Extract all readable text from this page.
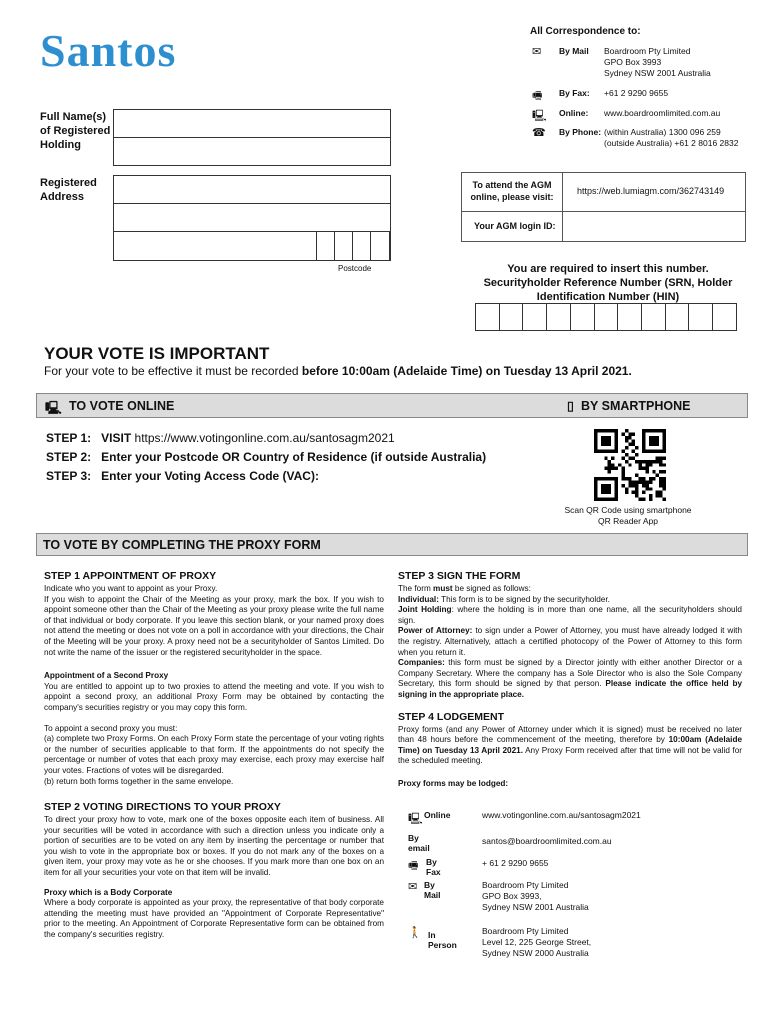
Santos	All Correspondence to:
✉	By Mail Boardroom Pty Limited
GPO Box 3993
Sydney NSW 2001 Australia
🖷	By Fax: +61 2 9290 9655
🖳 Online: www.boardroomlimited.com.au
☎ By Phone: (within Australia) 1300 096 259
(outside Australia) +61 2 8016 2832
Full Name(s)
of Registered
Holding
Registered
Address
Postcode
To attend the AGM online, please visit:
https://web.lumiagm.com/362743149
Your AGM login ID:
You are required to insert this number.
Securityholder Reference Number (SRN, Holder
Identification Number (HIN)
YOUR VOTE IS IMPORTANT
For your vote to be effective it must be recorded before 10:00am (Adelaide Time) on Tuesday 13 April 2021.
🖳 TO VOTE ONLINE	▯ BY SMARTPHONE
STEP 1: VISIT https://www.votingonline.com.au/santosagm2021
STEP 2: Enter your Postcode OR Country of Residence (if outside Australia)
STEP 3: Enter your Voting Access Code (VAC):
Scan QR Code using smartphone
QR Reader App
TO VOTE BY COMPLETING THE PROXY FORM
STEP 1 APPOINTMENT OF PROXY
Indicate who you want to appoint as your Proxy.
If you wish to appoint the Chair of the Meeting as your proxy, mark the box. If you wish to appoint someone other than the Chair of the Meeting as your proxy please write the full name of that individual or body corporate. If you leave this section blank, or your named proxy does not attend the meeting or does not vote on a poll in accordance with your directions, the Chair of the Meeting will be your proxy. A proxy need not be a securityholder of Santos Limited. Do not write the name of the issuer or the registered securityholder in the space.
Appointment of a Second Proxy
You are entitled to appoint up to two proxies to attend the meeting and vote. If you wish to appoint a second proxy, an additional Proxy Form may be obtained by contacting the company's securities registry or you may copy this form.
To appoint a second proxy you must:
(a) complete two Proxy Forms. On each Proxy Form state the percentage of your voting rights or the number of securities applicable to that form. If the appointments do not specify the percentage or number of votes that each proxy may exercise, each proxy may exercise half your votes. Fractions of votes will be disregarded.
(b) return both forms together in the same envelope.
STEP 2 VOTING DIRECTIONS TO YOUR PROXY
To direct your proxy how to vote, mark one of the boxes opposite each item of business. All your securities will be voted in accordance with such a direction unless you indicate only a portion of securities are to be voted on any item by inserting the percentage or number that you wish to vote in the appropriate box or boxes. If you do not mark any of the boxes on a given item, your proxy may vote as he or she chooses. If you mark more than one box on an item for all your securities your vote on that item will be invalid.
Proxy which is a Body Corporate
Where a body corporate is appointed as your proxy, the representative of that body corporate attending the meeting must have provided an "Appointment of Corporate Representative" prior to the meeting. An Appointment of Corporate Representative form can be obtained from the company's securities registry.
STEP 3 SIGN THE FORM
The form must be signed as follows:
Individual: This form is to be signed by the securityholder.
Joint Holding: where the holding is in more than one name, all the securityholders should sign.
Power of Attorney: to sign under a Power of Attorney, you must have already lodged it with the registry. Alternatively, attach a certified photocopy of the Power of Attorney to this form when you return it.
Companies: this form must be signed by a Director jointly with either another Director or a Company Secretary. Where the company has a Sole Director who is also the Sole Company Secretary, this form should be signed by that person. Please indicate the office held by signing in the appropriate place.
STEP 4 LODGEMENT
Proxy forms (and any Power of Attorney under which it is signed) must be received no later than 48 hours before the commencement of the meeting, therefore by 10:00am (Adelaide Time) on Tuesday 13 April 2021. Any Proxy Form received after that time will not be valid for the scheduled meeting.
Proxy forms may be lodged:
🖳 Online	www.votingonline.com.au/santosagm2021
By email
santos@boardroomlimited.com.au
🖷 By Fax
+ 61 2 9290 9655
✉ By Mail
Boardroom Pty Limited
GPO Box 3993,
Sydney NSW 2001 Australia
🚶 In Person
Boardroom Pty Limited
Level 12, 225 George Street,
Sydney NSW 2000 Australia
